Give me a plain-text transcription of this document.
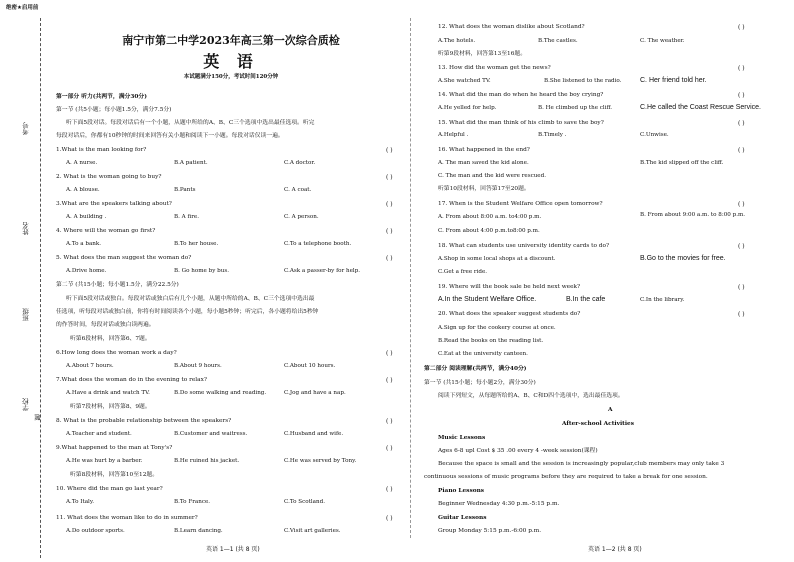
绝密★启用前
考号
姓名
班级
学校
题
南宁市第二中学2023年高三第一次综合质检
英 语
本试题满分150分，考试时间120分钟
第一部分 听力(共两节，满分30分)
第一节 (共5小题；每小题1.5分，满分7.5分)
听下面5段对话。每段对话后有一个小题，从题中所给的A、B、C三个选项中选出最佳选项。听完
每段对话后，你都有10秒钟的时间来回答有关小题和阅读下一小题。每段对话仅读一遍。
1.What is the man looking for?	( )
A. A nurse.	B.A patient.	C.A doctor.
2. What is the woman going to buy?	( )
A. A blouse.	B.Pants	C. A coat.
3.What are the speakers talking about?	( )
A. A building .	B. A fire.	C. A person.
4. Where will the woman go first?	( )
A.To a bank.	B.To her house.	C.To a telephone booth.
5. What does the man suggest the woman do?	( )
A.Drive home.	B. Go home by bus.	C.Ask a passer-by for help.
第二节 (共15小题；每小题1.5分，满分22.5分)
听下面5段对话或独白。每段对话或独白后有几个小题，从题中所给的A、B、C三个选项中选出最
佳选项，听每段对话或独白前，你将有时间阅读各个小题，每小题5秒钟；听完后，各小题将给出5秒钟
的作答时间，每段对话或独白读两遍。
听第6段材料，回答第6、7题。
6.How long does the woman work a day?	( )
A.About 7 hours.	B.About 9 hours.	C.About 10 hours.
7.What does the woman do in the evening to relax?	( )
A.Have a drink and watch TV.	B.Do some walking and reading.	C.Jog and have a nap.
听第7段材料，回答第8、9题。
8. What is the probable relationship between the speakers?	( )
A.Teacher and student.	B.Customer and waitress.	C.Husband and wife.
9.What happened to the man at Tony's?	( )
A.He was hurt by a barber.	B.He ruined his jacket.	C.He was served by Tony.
听第8段材料，回答第10至12题。
10. Where did the man go last year?	( )
A.To Italy.	B.To France.	C.To Scotland.
11. What does the woman like to do in summer?	( )
A.Do outdoor sports.	B.Learn dancing.	C.Visit art galleries.
英语 1—1 (共 8 页)
12. What does the woman dislike about Scotland?	( )
A.The hotels.	B.The castles.	C. The weather.
听第9段材料，回答第13至16题。
13. How did the woman get the news?	( )
A.She watched TV.	B.She listened to the radio.	C. Her friend told her.
14. What did the man do when he heard the boy crying?	( )
A.He yelled for help.	B. He climbed up the cliff.	C.He called the Coast Rescue Service.
15. What did the man think of his climb to save the boy?	( )
A.Helpful .	B.Timely .	C.Unwise.
16. What happened in the end?	( )
A. The man saved the kid alone.	B.The kid slipped off the cliff.
C. The man and the kid were rescued.
听第10段材料，回答第17至20题。
17. When is the Student Welfare Office open tomorrow?	( )
A. From about 8:00 a.m. to4:00 p.m.	B. From about 9:00 a.m. to 8:00 p.m.
C. From about 4:00 p.m.to8:00 p.m.
18. What can students use university identity cards to do?	( )
A.Shop in some local shops at a discount.	B.Go to the movies for free.
C.Get a free ride.
19. Where will the book sale be held next week?	( )
A.In the Student Welfare Office.	B.In the cafe	C.In the library.
20. What does the speaker suggest students do?	( )
A.Sign up for the cookery course at once.
B.Read the books on the reading list.
C.Eat at the university canteen.
第二部分 阅读理解(共两节，满分40分)
第一节 (共15小题；每小题2分，满分30分)
阅读下列短文，从每题所给的A、B、C和D四个选项中，选出最佳选项。
A
After-school Activities
Music Lessons
Ages 6-8 upl Cost $ 35 .00 every 4 -week session(课程)
Because the space is small and the session is increasingly popular,club members may only take 3
continuous sessions of music programs before they are required to take a break for one session.
Piano Lessons
Beginner Wednesday 4:30 p.m.-5:15 p.m.
Guitar Lessons
Group Monday 5:15 p.m.-6:00 p.m.
英语 1—2 (共 8 页)
